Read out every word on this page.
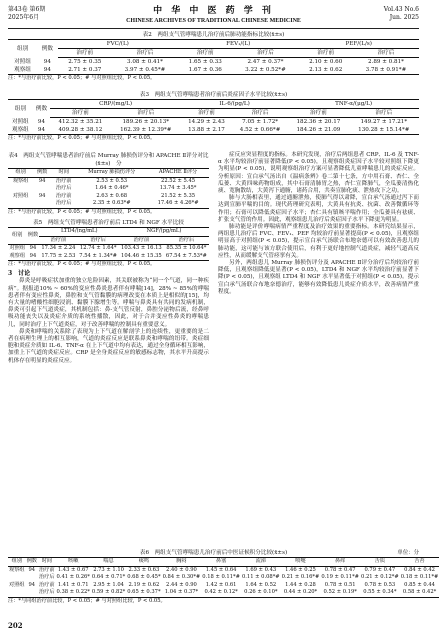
第43卷 第6期
2025年6月
中 华 中 医 药 学 刊
CHINESE ARCHIVES OF TRADITIONAL CHINESE MEDICINE
Vol.43 No.6
Jun. 2025
表2　两组支气管哮喘患儿治疗前后肺功能指标比较(x̄±s)
组别	例数	FVC/(L)		FEV₁/(L)		PEF/(L/s)	
		治疗前	治疗后	治疗前	治疗后	治疗前	治疗后
对照组	94	2.75 ± 0.35	3.08 ± 0.41*	1.65 ± 0.33	2.47 ± 0.37*	2.10 ± 0.60	2.89 ± 0.81*
观察组	94	2.71 ± 0.37	3.97 ± 0.45*#	1.67 ± 0.36	3.22 ± 0.52*#	2.13 ± 0.62	3.78 ± 0.91*#
注：*与治疗前比较，P < 0.05；# 与对照组比较，P < 0.05。
表3　两组支气管哮喘患者治疗前后炎症因子水平比较(x̄±s)
组别	例数	CRP/(mg/L)		IL-6/(pg/L)		TNF-α/(μg/L)	
		治疗前	治疗后	治疗前	治疗后	治疗前	治疗后
对照组	94	412.32 ± 35.21	189.26 ± 20.13*	14.29 ± 2.43	7.05 ± 1.72*	182.36 ± 20.17	149.27 ± 17.21*
观察组	94	409.28 ± 38.12	162.39 ± 12.39*#	13.88 ± 2.17	4.52 ± 0.66*#	184.26 ± 21.09	130.28 ± 15.14*#
注：*与治疗前比较，P < 0.05；# 与对照组比较，P < 0.05。
表4　两组支气管哮喘患者治疗前后 Murray 肺损伤评分和 APACHE Ⅱ评分对比(x̄±s)　分
组别	例数	时间	Murray 肺损伤评分	APACHE Ⅱ评分
观察组	94	治疗前	2.53 ± 0.53	22.52 ± 5.45
		治疗后	1.64 ± 0.46*	13.74 ± 3.45*
对照组	94	治疗前	2.63 ± 0.68	21.52 ± 5.35
		治疗后	2.35 ± 0.63*#	17.46 ± 4.26*#
注：*与治疗前比较，P < 0.05；# 与对照组比较，P < 0.05。
表5　两组支气管哮喘患者治疗前后 LTD4 和 NGF 水平比较
组别	例数	LTD4/(ng/mL)		NGF/(pg/mL)	
		治疗前	治疗后	治疗前	治疗后
对照组	94	17.34 ± 2.24	12.74 ± 1.64*	103.43 ± 16.13	85.35 ± 10.64*
观察组	94	17.75 ± 2.53	7.54 ± 1.34*#	104.46 ± 15.35	67.54 ± 7.53*#
注：*与治疗前比较，P < 0.05；# 与对照组比较，P < 0.05。
3　讨论

鼻炎是呼吸症状加重的独立危险因素，其关联被称为“同一个气道，同一种疾病”。据报道10% ~ 60%的变应性鼻炎患者伴有哮喘[14]，28% ~ 85%的哮喘患者伴有变应性鼻炎，鼻腔和支气管黏膜的病理改变在本质上是相似的[15]，均有大量的嗜酸性细胞浸润、黏膜下腺增生等。哮喘与鼻炎具有共同的发病机制，鼻炎可引起下气道炎症，其机制包括：鼻-支气管反射，鼻腔分泌物后流，经鼻呼吸功能丧失以及炎症介质的系统性播散，因此，对于合并变应性鼻炎的哮喘患儿，同时治疗上下气道炎症，对于改善哮喘的控制具有重要意义。

鼻炎和哮喘的关系除了表现为上下气道在解剖学上的连续性，更重要的是二者在病理生理上的相互影响，气道的炎症反应是联系鼻炎和哮喘的纽带。炎症细胞和炎症介质如 IL-6、TNF-α 在上下气道中均有表达，通过全身循环相互影响，加重上下气道的炎症反应。CRP 是全身炎症反应的敏感标志物，其水平升高提示机体存在明显的炎症反应。

症反应突显程度的指标。本研究发现，治疗后两组患者 CRP、IL-6 及 TNF-α 水平均较治疗前显著降低(P < 0.05)，且观察组炎症因子水平较对照组下降更为明显(P < 0.05)，说明观察组治疗方案可显著降低儿童哮喘患儿的炎症反应。分析原因：宣白承气汤出自《温病条辨》卷二第十七条，方中用石膏、杏仁、全瓜蒌、大黄四味药物组成，其中石膏清肺胃之热，杏仁宣降肺气，全瓜蒌清热化痰、宽胸散结，大黄泻下通腑，诸药合用，共奏宣肺化痰、泄热攻下之功。

肺与大肠相表里，通过通腑泄热，使肺气得以肃降，宣白承气汤通过泻下而达到宣肺平喘的目的。现代药理研究表明，大黄具有抗炎、抗菌、改善微循环等作用；石膏可以降低炎症因子水平；杏仁具有镇咳平喘作用；全瓜蒌具有祛痰、扩张支气管的作用。因此，观察组患儿治疗后炎症因子水平下降更为明显。

肺功能是评价哮喘病情严重程度及治疗效果的重要指标。本研究结果显示，两组患儿治疗后 FVC、FEV₁、PEF 均较治疗前显著提高(P < 0.05)，且观察组明显高于对照组(P < 0.05)，提示宣白承气汤联合布地奈德可以有效改善患儿的肺功能，这可能与该方联合使用后，有利于更好地控制气道炎症，减轻气道高反应性，从而缓解支气管痉挛有关。

另外，两组患儿 Murray 肺损伤评分及 APACHE Ⅱ评分治疗后均较治疗前降低，且观察组降低更显著(P < 0.05)，LTD4 和 NGF 水平均较治疗前显著下降(P < 0.05)，且观察组 LTD4 和 NGF 水平显著低于对照组(P < 0.05)。提示宣白承气汤联合布地奈德治疗，能够有效降低患儿炎症介质水平，改善病情严重程度。

表6　两组支气管哮喘患儿治疗前后中医证候积分比较(x̄±s)	单位：分
组别	例数	时间	咳嗽	喘息	痰鸣	胸闷	鼻塞	流涕	喷嚏	鼻痒	舌质	舌苔
观察组	94	治疗前	1.43 ± 0.67	2.73 ± 1.10	2.33 ± 0.63	2.40 ± 0.90	1.45 ± 0.64	1.69 ± 0.43	1.46 ± 0.25	0.78 ± 0.47	0.79 ± 0.47	0.84 ± 0.42
		治疗后	0.41 ± 0.26*	0.64 ± 0.71*	0.68 ± 0.45*	0.84 ± 0.30*#	0.18 ± 0.11*#	0.11 ± 0.08*#	0.21 ± 0.16*#	0.19 ± 0.11*#	0.21 ± 0.12*#	0.18 ± 0.11*#
对照组	94	治疗前	1.41 ± 0.71	2.95 ± 1.04	2.19 ± 0.62	2.44 ± 0.90	1.42 ± 0.61	1.64 ± 0.52	1.44 ± 0.28	0.78 ± 0.51	0.78 ± 0.53	0.85 ± 0.44
		治疗后	0.38 ± 0.22*	0.59 ± 0.82*	0.65 ± 0.37*	1.04 ± 0.37*	0.42 ± 0.12*	0.26 ± 0.10*	0.44 ± 0.20*	0.52 ± 0.19*	0.55 ± 0.34*	0.58 ± 0.42*
注：*与同组治疗前比较，P < 0.05；# 与对照组比较，P < 0.05。
202
